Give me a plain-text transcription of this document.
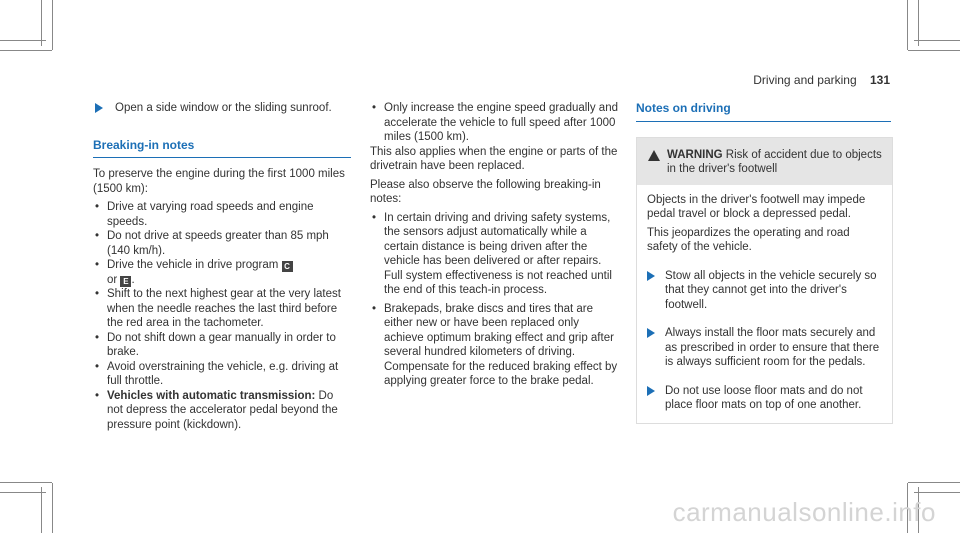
Driving and parking 131
Open a side window or the sliding sunroof.
Breaking-in notes

To preserve the engine during the first 1000 miles (1500 km):

• Drive at varying road speeds and engine speeds.
• Do not drive at speeds greater than 85 mph (140 km/h).
• Drive the vehicle in drive program C
or E .
• Shift to the next highest gear at the very latest when the needle reaches the last third before the red area in the tachometer.
• Do not shift down a gear manually in order to brake.
• Avoid overstraining the vehicle, e.g. driving at full throttle.
• Vehicles with automatic transmission: Do not depress the accelerator pedal beyond the pressure point (kickdown).
• Only increase the engine speed gradually and accelerate the vehicle to full speed after 1000 miles (1500 km).

This also applies when the engine or parts of the drivetrain have been replaced.

Please also observe the following breaking-in notes:

• In certain driving and driving safety systems, the sensors adjust automatically while a certain distance is being driven after the vehicle has been delivered or after repairs. Full system effectiveness is not reached until the end of this teach-in process.
• Brakepads, brake discs and tires that are either new or have been replaced only achieve optimum braking effect and grip after several hundred kilometers of driving. Compensate for the reduced braking effect by applying greater force to the brake pedal.
Notes on driving
WARNING Risk of accident due to objects in the driver's footwell

Objects in the driver's footwell may impede pedal travel or block a depressed pedal.

This jeopardizes the operating and road safety of the vehicle.

Stow all objects in the vehicle securely so that they cannot get into the driver's footwell.
Always install the floor mats securely and as prescribed in order to ensure that there is always sufficient room for the pedals.
Do not use loose floor mats and do not place floor mats on top of one another.
carmanualsonline.info
